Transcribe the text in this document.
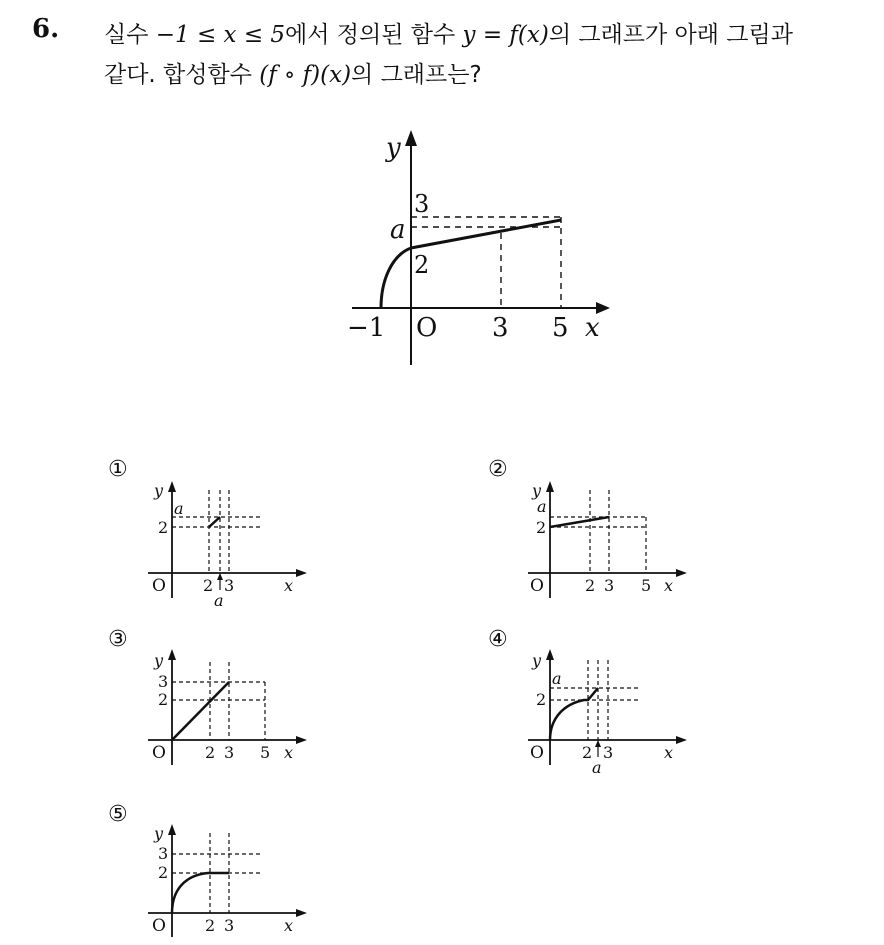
6. 실수 −1 ≤ x ≤ 5에서 정의된 함수 y = f(x)의 그래프가 아래 그림과
같다. 합성함수 (f ∘ f)(x)의 그래프는?
y
x
O
−1	3 5
3
a
2
①
y
x
O
a
2
2 3
a
②
y
x
O
a
2
2 3 5
③
y
x
O
3
2
2 3 5
④
y
x
O
a
2
2 3
a
⑤
y
x
O
3
2
2 3
